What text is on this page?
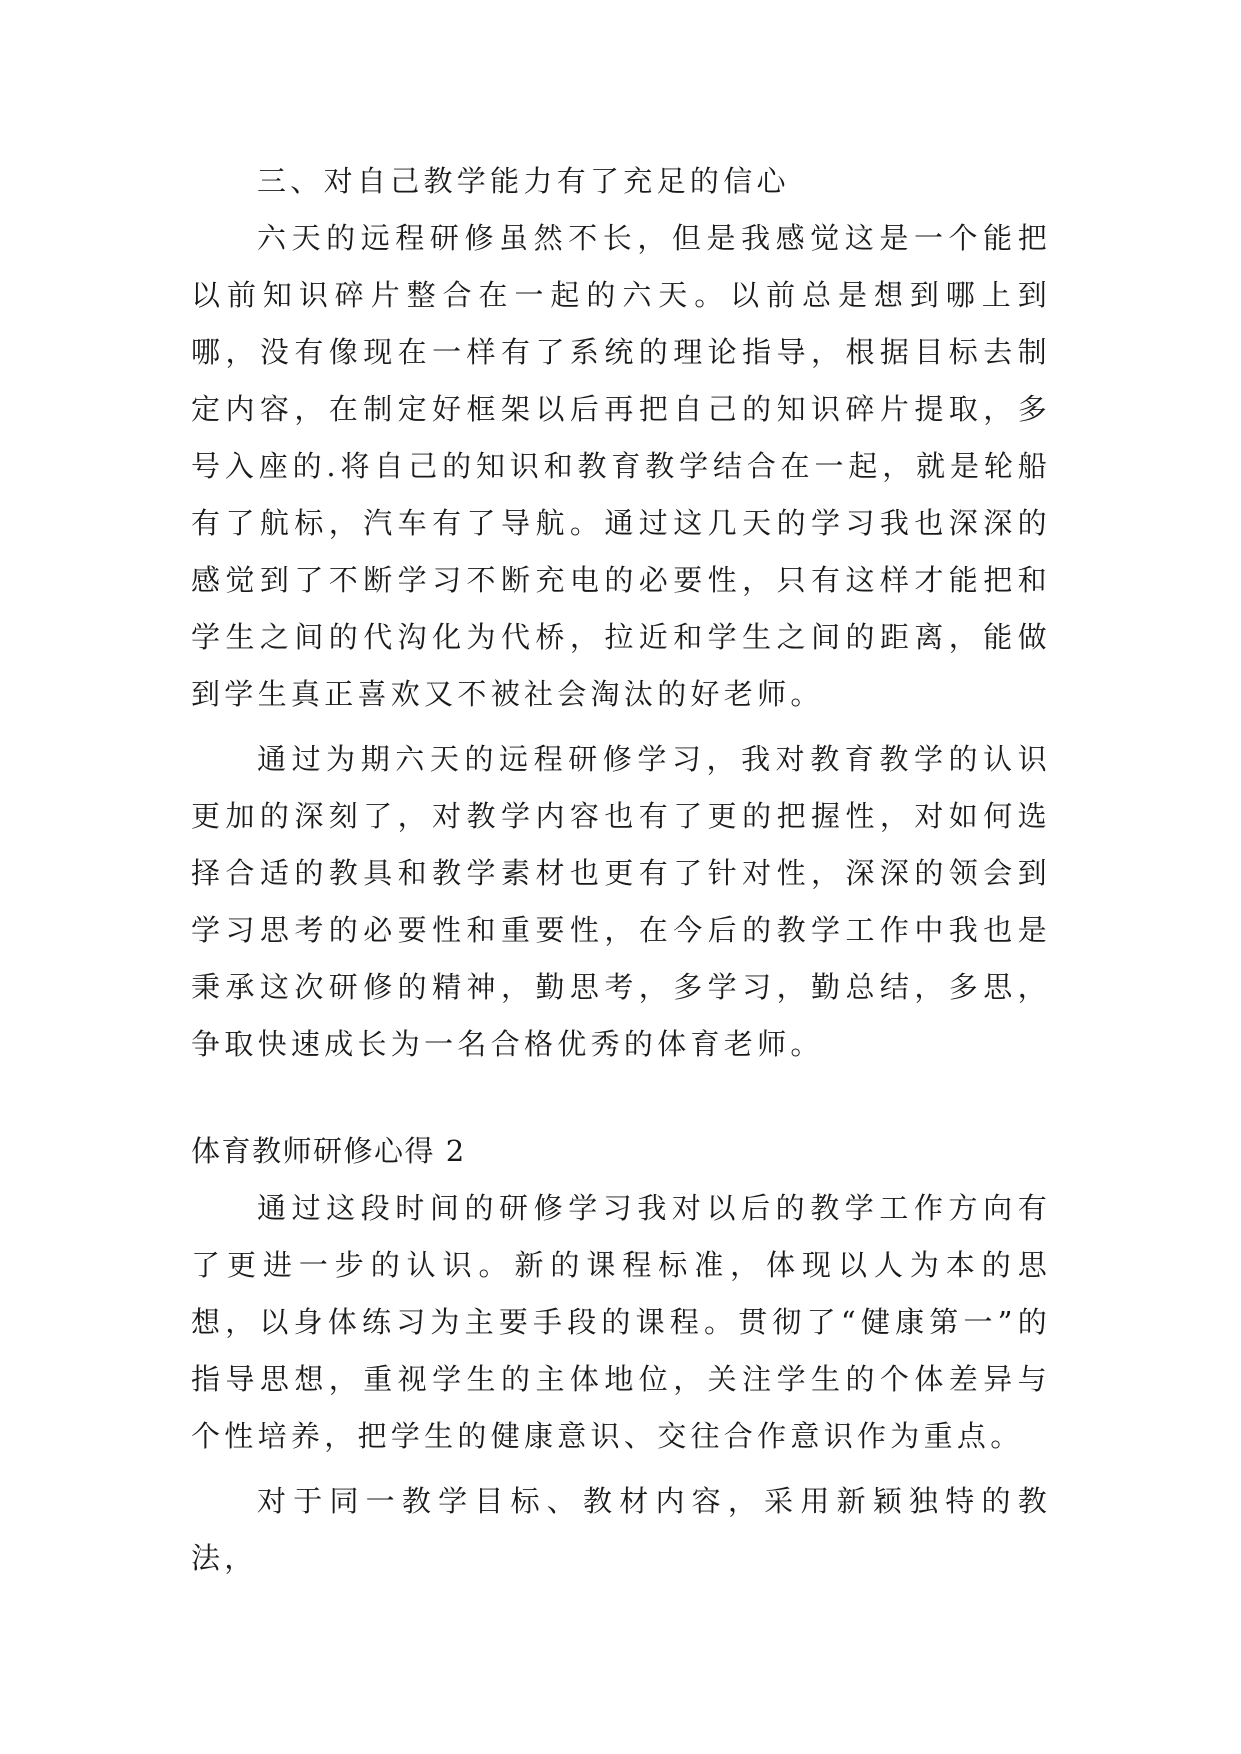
三、对自己教学能力有了充足的信心

六天的远程研修虽然不长，但是我感觉这是一个能把以前知识碎片整合在一起的六天。以前总是想到哪上到哪，没有像现在一样有了系统的理论指导，根据目标去制定内容，在制定好框架以后再把自己的知识碎片提取，多号入座的.将自己的知识和教育教学结合在一起，就是轮船有了航标，汽车有了导航。通过这几天的学习我也深深的感觉到了不断学习不断充电的必要性，只有这样才能把和学生之间的代沟化为代桥，拉近和学生之间的距离，能做到学生真正喜欢又不被社会淘汰的好老师。

通过为期六天的远程研修学习，我对教育教学的认识更加的深刻了，对教学内容也有了更的把握性，对如何选择合适的教具和教学素材也更有了针对性，深深的领会到学习思考的必要性和重要性，在今后的教学工作中我也是秉承这次研修的精神，勤思考，多学习，勤总结，多思，争取快速成长为一名合格优秀的体育老师。

体育教师研修心得 2

通过这段时间的研修学习我对以后的教学工作方向有了更进一步的认识。新的课程标准，体现以人为本的思想，以身体练习为主要手段的课程。贯彻了“健康第一”的指导思想，重视学生的主体地位，关注学生的个体差异与个性培养，把学生的健康意识、交往合作意识作为重点。

对于同一教学目标、教材内容，采用新颖独特的教法，
